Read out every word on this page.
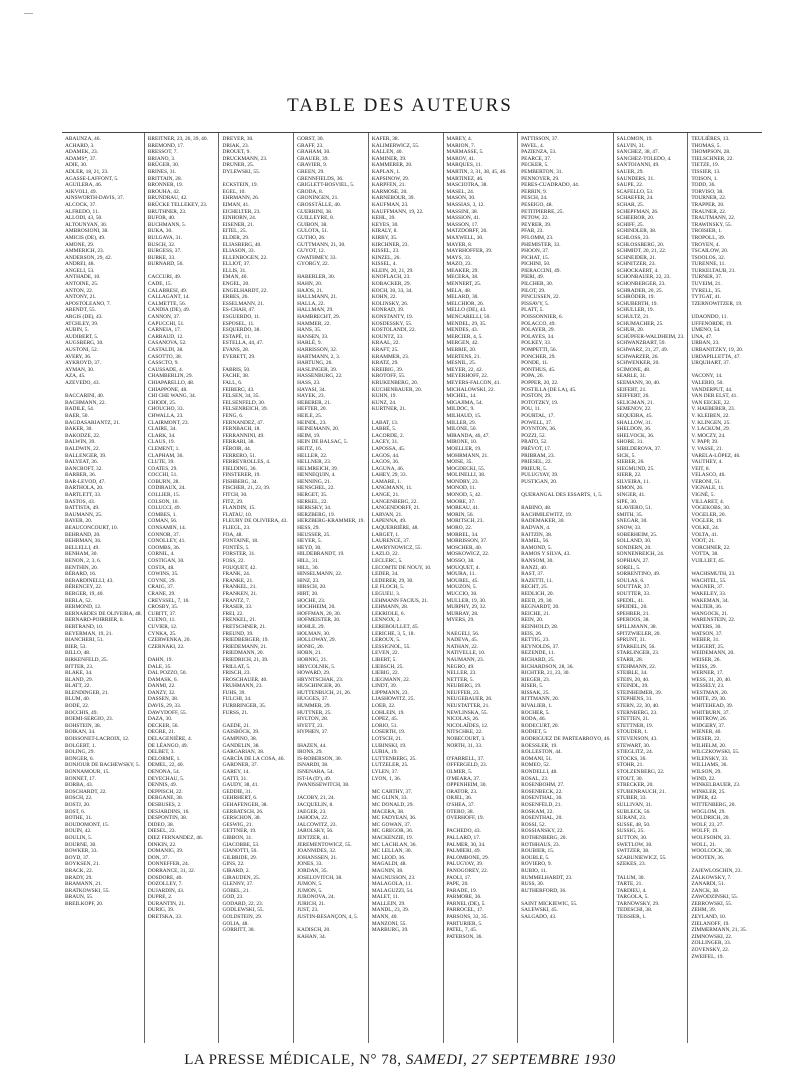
—
TABLE DES AUTEURS
ABAUNZA, 46.
ACHARD, 3.
ADAMEK, 23.
ADAMS*, 37.
ADIE, 30.
ADLER, 18, 21, 23.
AGASSE-LAFFONT, 5.
AGUILERA, 46.
AIKVOLI, 49.
AINSWORTH-DAVIS, 37.
ALCOCK, 37.
ALFREDO, 11.
ALLODI, 43, 50.
ALTOUNYAN, 30.
AMBROSIONI, 38.
AMICIS (DE), 49.
AMONE, 29.
AMMERICH, 23.
ANDERSON, 29, 42.
ANDREI, 48.
ANGELI, 53.
ANTHADE, 10.
ANTOINE, 25.
ANTON, 22.
ANTONY, 21.
APOSTOLEANO, 7.
ARENDT, 55.
ARGIS (DE), 43.
ATCHLEY, 39.
AUBIN, 5.
AUDIBERT, 5.
AUGSBERG, 30.
AUSTONI, 52.
AVERY, 36.
AYKROYD, 37.
AYMAN, 30.
AZA, 45.
AZEVEDO, 43.

BACCARINI, 40.
BACHMANN, 22.
BADILE, 54.
BAER, 50.
BAGDASARIANTZ, 21.
BAKER, 30.
BAKODZE, 22.
BALWIN, 39.
BALDWIN, 22.
BALLENGER, 39.
BALYEAT, 36.
BANCROFT, 32.
BARBER, 36.
BAR-LEVOD, 47.
BARTHOLA, 20.
BARTLETT, 33.
BASTOS, 43.
BATTISTA, 49.
BAUMANN, 25.
BAYER, 20.
BEAUCONCOURT, 10.
BEHRAND, 20.
BEHRMAN, 36.
BELLELLI, 49.
BENHAM, 30.
BENON, 2, 3, 6.
BENTHIN, 20.
BÉRARD, 16.
BERARDINELLI, 43.
BÉRENCEY, 22.
BERGER, 19, 40.
BERLA, 52.
BERMOND, 12.
BERNARDES DE OLIVEIRA, 48.
BERNARD-POIRRIER, 6.
BERTRAND, 10.
BEYERMAN, 19, 21.
BIANCHERI, 51.
BIER, 53.
BILLO, 48.
BIRKENFELD, 25.
BITTER, 23.
BLAKE, 34.
BLAND, 29.
BLATT, 22.
BLENDINGER, 21.
BLUM, 40.
BODE, 22.
BOCCHIS, 49.
BOEMI-SERGIO, 23.
BOHSTEIN, 38.
BOIKAN, 34.
BOISSONET-LACROIX, 12.
BOLGERT, 1.
BOLING, 29.
BONGER, 6.
BONJOUR DE BACHEWSKY, 5.
BONNAMOUR, 15.
BONNET, 17.
BORBA, 43.
BOSCHARDT, 22.
BOSCH, 22.
BOSTJ, 20.
BOST, 6.
BOTHE, 31.
BOUDOMONT, 15.
BOUIN, 42.
BOULIN, 5.
BOURNE, 30.
BOWKER, 33.
BOYD, 37.
BOYKSEN, 21.
BRACK, 22.
BRADY, 29.
BRAMANN, 21.
BRATKOWSKI, 55.
BRAUN, 55.
BREILKOPF, 20.
BREITNER, 23, 26, 39, 40.
BREMOND, 17.
BRESSOT, 7.
BRIANO, 3.
BRÜGER, 30.
BRINES, 31.
BRITTAIN, 28.
BRONNER, 19.
BROUHA, 42.
BRUNDRAU, 42.
BRÜCKE TELLEKEY, 23.
BRUTHNER, 23.
BUFOR, 40.
BUCHMANN, 5.
BUKA, 30.
BULGAVA, 31.
BUSCH, 32.
BURGESS, 37.
BURKE, 33.
BURNARD, 56.

CACCURI, 49.
CADE, 15.
CALABRESI, 49.
CALLAGANT, 14.
CALMETTE, 56.
CANDIA (DE), 49.
CANNON, 37.
CAPUCCHI, 51.
CARNEIA, 17.
CARRAUD, 12.
CASANOVA, 52.
CASTALDI, 38.
CASOTTO, 38.
CASSCTO, 9.
CAUSSADE, 4.
CHAMBERLIN, 29.
CHIAPARELLO, 48.
CHIAPPONE, 48.
CHI CHE WANG, 34.
CHIODI, 25.
CHOUCHO, 33.
CHWALLA, 23.
CLAIRMONT, 23.
CLAIRE, 34.
CLARK, 34.
CLAUS, 19.
CLEMENT, 1.
CLAPHAM, 36.
CLUTE, 39.
COATES, 29.
COCCHI, 51.
COBURN, 28.
CODIRAUX, 24.
COLLIER, 15.
COLSON, 10.
COLUCCI, 49.
COMBES, 1.
COMAN, 56.
CONSAMIN, 14.
CONNOR, 37.
CONOLLEY, 41.
COOMBS, 36.
CORNIL, 4.
COSTIGAN, 30.
COSTA, 48.
COWINS, 35.
COYNE, 29.
CRAIG, 37.
CRANE, 29.
CREYSSEL, 7, 16.
CROSBY, 35.
CUBITT, 37.
CUENO, 11.
CUVIER, 12.
CYNKA, 25.
CZERWENKA, 20.
CZERNAKI, 22.

DAHN, 19.
DALE, 35.
DAL POZZO, 50.
DAMASK, 6.
DANMI, 22.
DANZY, 32.
DASSEN, 38.
DAVIS, 29, 33.
DAWYDOFF, 55.
DAZA, 30.
DECKER, 56.
DEGRE, 21.
DELAGENIÈRE, 4.
DE LÉANGO, 49.
DELBET, 3.
DELORME, 1.
DEMEL, 22, 40.
DENONA, 54.
DEVECHAU, 5.
DENNIS, 49.
DEPPISCH, 22.
DERGANE, 38.
DESBUSES, 2.
DESJARDINS, 16.
DESPONTIN, 38.
DIDEO, 38.
DIESEL, 23.
DIEZ FERNANDEZ, 46.
DINKIN, 22.
DOMANIG, 39.
DON, 37.
DONNEFFER, 24.
DORRANCE, 31, 32.
DOSDORE, 40.
DOZOLLEY, 7.
DUJARDIN, 43.
DUPRE, 2.
DURANTIN, 21.
DURIG, 39.
DRETSKA, 33.
DREYER, 30.
DRIAK, 23.
DROUET, 9.
DRUCKMANN, 23.
DRUNER, 25.
DYLEWSKI, 55.

ECKSTEIN, 19.
EGEL, 10.
EHRMANN, 26.
EIMAN, 41.
EICHELTER, 23.
EINHORN, 24.
EISENER, 21.
EITEL, 25.
ELDER, 29.
ELIASBERG, 40.
ELIASON, 33.
ELLENBOGEN, 22.
ELLIOT, 37.
ELLIS, 31.
EMAN, 40.
ENGEL, 20.
ENGELHARDT, 22.
ERBES, 26.
ESSELMANN, 21.
ES-CHAH, 47.
ESGUERDO, 11.
ESPOSEL, 11.
ESQUERDO, 38.
ESTAPÉ, 11.
ESTELLA, 44, 47.
EVANS, 28.
EVERETT, 29.

FABRIS, 50.
FACHE, 38.
FALL, 6.
FEIBERG, 43.
FELSEN, 34, 35.
FELSENFELD, 30.
FELSENREICH, 39.
FENG, 6.
FERNANDEZ, 47.
FERNBACH, 18.
FERRANNINI, 49.
FERRARI, 38.
FÉROIR, 44.
FERRERO, 51.
FERREYROLLES, 4.
FIELDING, 36.
FINSTERER, 19.
FISHBERG, 34.
FISCHER, 21, 23, 39.
FITCH, 30.
FITZ, 29.
FLANDIN, 15.
FLATAU, 10.
FLEURY DE OLIVIERA, 43.
FLIEGL, 23.
FOA, 48.
FONTAINE, 18.
FONTÈS, 5.
FORSTER, 31.
FOSS, 22.
FOUQUET, 42.
FRANK, 24.
FRANKE, 21.
FRANKEL, 21.
FRANKEN, 21.
FRANTZ, 7.
FRASER, 33.
FREI, 22.
FRENKEL, 21.
FRETSCHNER, 21.
FREUND, 39.
FRIEDBERGER, 19.
FRIEDEMANN, 21.
FRIEDMANN, 20.
FRIEDRICH, 21, 39.
FRILLAT, 5.
FRISCH, 23.
FROSCHAUER, 40.
FRUHMANN, 23.
FUHS, 39.
FULCHI, 34.
FURBRINGER, 35.
FURSS, 21.

GAEDE, 21.
GAISBÖCK, 39.
GAMPINO, 38.
GANDELIN, 38.
GARGARIAN, 38.
GARCÍA DE LA COSA, 46.
GARDNER, 37.
GAREY, 14.
GATTI, 31.
GAUDY, 38, 41.
GEDDIE, 31.
GEHRHERT, 6.
GEHAFENGER, 38.
GERBATSCH, 26.
GERSCHON, 38.
GESWIG, 21.
GETTNER, 19.
GIBBON, 31.
GIACOBBE, 53.
GIANOTTI, 50.
GILBRIDE, 29.
GINS, 22.
GIRARD, 2.
GIRAUDEN, 25.
GLENNY, 37.
GOBEL, 21.
GOD, 23.
GODARD, 22, 23.
GODLEWSKI, 55.
GOLDSTEIN, 29.
GOLIA, 48.
GORRITT, 38.
GORST, 30.
GRAFF, 23.
GRAHAM, 30.
GRAUER, 39.
GRAVIER, 9.
GREEN, 29.
GRENNFIELDS, 36.
GRIGLETT-BOSVIEL, 5.
GRODA, 8.
GRONINGEN, 21.
GROSSTÄLLE, 40.
GUERRINI, 38.
GUILLEYRE, 8.
GUIBON, 38.
GULOTA, 51.
GUTHO, 26.
GUTTMANN, 21, 30.
GUYOT, 12.
GWATHMEY, 33.
GYORGY, 22.

HABERLER, 30.
HAHN, 20.
HAJOS, 21.
HALLMANN, 21.
HALLA, 22.
HALLMAN, 29.
HAMBRECHT, 29.
HAMMER, 22.
HANS, 35.
HANSEN, 33.
HARLÉ, 9.
HARRISSON, 32.
HARTMANN, 2, 3.
HARTUNG, 26.
HASLINGER, 39.
HASSENBURG, 22.
HASS, 23.
HAYASI, 34.
HAYEK, 23.
HEBERER, 21.
HEFTER, 20.
HEILE, 25.
HEINDL, 23.
HEINEMANN, 20.
HEIM, 19.
HEIN DE BALSAC, 5.
HEITZ, 16.
HELLER, 22.
HELLNER, 23.
HELMREICH, 39.
HENNEQUIN, 4.
HENNING, 21.
HENSCHEL, 22.
HERGET, 35.
HERKEL, 22.
HERKSKY, 34.
HERZBERG, 19.
HERZBERG-KRAMMER, 19.
HESS, 29.
HEUSSER, 25.
HEYER, 5.
HEYD, 30.
HILDEBRANDT, 19.
HILL, 31.
HILL, 30.
HINSELMANN, 22.
HINZ, 23.
HIRSCH, 20.
HIRT, 20.
HOCHE, 23.
HOCHHEIM, 20.
HOFFMAN, 20, 30.
HOFMEISTER, 20.
HOHLE, 29.
HOLMAN, 30.
HOLLOWAY, 29.
HONIG, 20.
HORN, 21.
HORNIG, 21.
HRYCOLNIK, 5.
HOWARD, 29.
HRYNTSCHAK, 23.
HUSCHINGER, 20.
HUTTENBUCH, 21, 26.
HUGGES, 37.
HUMMER, 29.
HUTTNER, 25.
HYLTON, 28.
HYETT, 23.
HYPHEN, 37.

IHAZEN, 44.
IRONS, 29.
IS-ROBERSON, 30.
ISNARDI, 38.
ISNENARA, 54.
IST-IA (D'), 49.
IWANISSEWITCH, 38.

JACOBY, 21, 24.
JACQUELIN, 8.
JAEGER, 23.
JAHODA, 22.
JALCOWITZ, 23.
JAROLSKY, 56.
JENTZER, 41.
JEREMENTOWICZ, 55.
JOANNIDES, 32.
JOHANSSEN, 21.
JONES, 33.
JORDAN, 35.
JOSELOVITCH, 38.
JUMON, 5.
JUMON, 5.
JURONOVA, 24.
JURICH, 21.
JUST, 23.
JUSTIN-BESANÇON, 4, 5.

KADISCH, 20.
KAHAN, 34.
KAFER, 38.
KALIMERWICZ, 55.
KALLEN, 40.
KAMINER, 39.
KAMMERER, 20.
KAPLAN, 1.
KAPSINOW, 29.
KARPFEN, 21.
KARMOSE, 20.
KARNEBOUR, 39.
KAUFMAN, 23.
KAUFFMANN, 19, 22.
KEHL, 39.
KEYES, 30.
KIRALY, 8.
KIRBY, 35.
KIRCHNER, 23.
KISSEL, 23.
KINZEL, 26.
KISSEL, 4.
KLEIN, 20, 21, 29.
KNOFLACH, 23.
KOBACKER, 29.
KOCH, 30, 33, 34.
KOHN, 22.
KOLINSKY, 26.
KONRAD, 39.
KONSTANTY, 19.
KOSDESSKY, 55.
KOSTOLANDI, 22.
KOUNTZ, 33.
KRAAL, 22.
KRAFT, 25.
KRAMMER, 23.
KRATZ, 29.
KREIBIG, 39.
KROTOFF, 55.
KRUKENBERG, 20.
KUCHENBAUER, 20.
KUHN, 19.
KUNZ, 24.
KURTNER, 21.

LABAT, 13.
LABBÉ, 5.
LACORDE, 2.
LACEY, 31.
LAPOSSA, 45.
LAGOS, 44.
LAGOS, 36.
LAGUNA, 46.
LAHEY, 29, 33.
LAMARE, 1.
LANGMANN, 11.
LANGE, 21.
LANGENBERG, 22.
LANGENDORFF, 21.
LARVAN, 21.
LAPENNA, 49.
LAQUERRIÈRE, 48.
LARGET, 1.
LAURENCE, 37.
LAWRYNOWICZ, 55.
LAZLO, 22.
LECLERC, 5.
LECOMTE DE NOUY, 10.
LEDER, 34.
LEDERER, 29, 30.
LE FLOCH, 5.
LEGUEU, 3.
LEHMANN FACIUS, 21.
LEHMANN, 28.
LEKRIOLE, 6.
LENNOX, 2.
LEREBOULLET, 45.
LERICHE, 3, 5, 18.
LEROUX, 5.
LESSIGNOL, 55.
LEVEN, 22.
LIBERT, 5.
LIEBSCH, 25.
LIEBIG, 22.
LIEGMANN, 22.
LINDT, 39.
LIPPMANN, 23.
LJASHOWITZ, 25.
LOEB, 22.
LOHLEIN, 19.
LOPEZ, 45.
LORIO, 51.
LOSERTH, 19.
LOTSCH, 21.
LUBINSKI, 19.
LURIA, 19.
LUTTENBERG, 25.
LUTZELER, 25.
LYLEN, 37.
LYON, 1, 36.

MC CARTHY, 37.
MC GLINN, 33.
MC DONALD, 29.
MACERA, 38.
MC FADYEAN, 36.
MC GOWAN, 37.
MC GREGOR, 36.
MACKENZIE, 19.
MC LACHLAN, 36.
MC LELLAN, 30.
MC LEOD, 36.
MAGALDI, 48.
MAGNIN, 38.
MAGNUSSON, 23.
MALAGOLA, 11.
MALAGUZZI, 54.
MALET, 11.
MALLEIN, 29.
MANDL, 23, 39.
MANN, 40.
MANZONI, 55.
MARBURG, 39.
MAREY, 4.
MARION, 7.
MARMASSE, 5.
MAROV, 41.
MARQUES, 11.
MARTIN, 3, 31, 38, 45, 46.
MARTINEZ, 46.
MASCIOTRA, 38.
MASEL, 24.
MASON, 30.
MASSIAS, 3, 12.
MASSINI, 38.
MASSION, 41.
MASSON, 17.
MATZDORFF, 26.
MAXWELL, 30.
MAYER, 8.
MAYRHOFFER, 39.
MAYS, 33.
MAZO, 23.
MEAKER, 29.
MECERA, 38.
MENNERT, 25.
MELA, 48.
MELARD, 30.
MELCHIOR, 26.
MELLO (DE), 43.
MENCARELLI, 50.
MENDEL, 29, 35.
MENDES, 43.
MERCIER, 4, 5.
MERGEN, 42.
MERRIE, 20.
MERTENS, 21.
MESNIL, 25.
MEYER, 22, 42.
MEYERHOFF, 22.
MEYERS-FALCON, 41.
MICHALOWSKI, 22.
MICHEL, 14.
MIGAJIMA, 54.
MILDOC, 9.
MILHAUD, 15.
MILLER, 29.
MILONE, 50.
MIRANDA, 46, 47.
MIRONE, 10.
MOELLER, 19.
MOHRMANN, 21.
MOISE, 35.
MOGDECKI, 55.
MOLINELLI, 38.
MONDRY, 23.
MONOD, 11.
MONOD, 5, 42.
MOORE, 37.
MOREAU, 41.
MORIN, 56.
MORITSCH, 23.
MORO, 22.
MORREL, 34.
MORRISSON, 37.
MOSCHER, 40.
MOSKOWICZ, 22.
MOSSO, 38.
MOUQUET, 4.
MOURA, 11.
MOUREL, 45.
MOUZON, 5.
MUCCIO, 30.
MULLER, 19, 30.
MURPHY, 29, 32.
MURRAY, 28.
MYERS, 29.

NAEGELI, 56.
NADEVA, 45.
NATHAN, 22.
NATIVELLE, 10.
NAUMANN, 23.
NEGRO, 49.
NELLER, 23.
NETTER, 5.
NEUBERG, 19.
NEUFFER, 23.
NEUGEBAUER, 26.
NEUSTATTER, 21.
NEWLINSKA, 55.
NICOLAS, 26.
NICOLAÏDES, 12.
NITSCHKE, 22.
NOBECOURT, 3.
NORTH, 31, 33.

O'FARRELL, 37.
OFFERGELD, 23.
OLMER, 5.
O'MEARA, 37.
OPPENHEIM, 30.
ORATOR, 23.
ORJEL, 36.
O'SHEA, 37.
OTERO, 38.
OVERHOFF, 19.

PACHEDO, 43.
PALLARD, 17.
PALMER, 30, 34.
PALMIERI, 49.
PALOMBONE, 29.
PALUGYAY, 39.
PANOGOREY, 22.
PAOLI, 17.
PAPE, 20.
PARADE, 19.
PARMORE, 36.
PARNEL (DE), 5.
PARROCEL, 17.
PARSONS, 33, 35.
PARTURIER, 5.
PATEL, 7, 45.
PATERSON, 36.
PATTISSON, 37.
PAVEL, 4.
PAZIENZA, 53.
PEARCE, 37.
PECKER, 5.
PEMBERTON, 31.
PENNOYER, 29.
PERES-CUADRADO, 44.
PERRIN, 9.
PESCH, 24.
PESEIGO, 48.
PETITPIERRE, 25.
PETOW, 22.
PEYRER, 39.
PFAB, 23.
PFLOMM, 23.
PHEMISTER, 33.
PHOON, 37.
PICHAT, 15.
PICHINI, 50.
PIERACCINI, 49.
PIERI, 49.
PILCHER, 30.
PILOT, 29.
PINCUSSEN, 22.
PISSAVY, 5.
PLATT, 5.
POISSONNIER, 6.
POLACCO, 49.
POLAYER, 29.
POLAYES, 34.
POLKEY, 33.
POMPETTI, 56.
PONCHER, 29.
PONDE, 11.
PONTHUS, 45.
POPA, 26.
POPPER, 20, 22.
POSTILLA (DE LA), 45.
POSTON, 29.
POTOTZKY, 19.
POU, 11.
POURTAL, 17.
POWELL, 37.
POYNTON, 36.
POZZI, 52.
PRATO, 52.
PRÉVOT, 17.
PRIBRAM, 23.
PRIESEL, 22.
PRIEUR, 5.
PULUGYAY, 39.
PUSTIGAN, 20.

QUERANGAL DES ESSARTS, 1, 5.

RABINO, 48.
RACHMILEWITZ, 19.
RADEMAKER, 30.
RADVAN, 4.
RAITZIN, 38.
RAMEL, 56.
RAMOND, 5.
RAMOS Y SILVA, 43.
RANSOM, 30.
RANZI, 40.
RAST, 37.
RAZETTI, 11.
RECHT, 25.
REDLICH, 20.
REED, 29, 30.
REGNARDT, 20.
REICHE, 21.
REIN, 20.
REINHOLD, 28.
REIS, 26.
RETTIG, 23.
REYNOLDS, 37.
REZENDE, 11.
RICHARD, 25.
RICHARDSON, 28, 36.
RICHTER, 21, 23, 30.
RIEGER, 23.
RISER, 5.
RISSAK, 25.
RITTMANN, 20.
RIVALIER, 1.
ROCHER, 5.
RODA, 46.
RODECURT, 20.
RODIET, 5.
RODRIGUEZ DE PARTEARROYO, 46.
ROESSLER, 19.
ROLLESTON, 44.
ROMANI, 51.
ROMEO, 52.
RONDELLI, 48.
ROSAL, 23.
ROSENBOHM, 27.
ROSENBECK, 22.
ROSENTHAL, 30.
ROSENFELD, 21.
ROSKAM, 22.
ROSENTHAL, 20.
ROSSI, 52.
ROSSIANSKY, 22.
ROTHENBERG, 20.
ROTHHAUS, 23.
ROUBIER, 15.
ROUBLE, 5.
ROVIERO, 9.
RUBIO, 11.
RUMMELHARDT, 23.
RUSS, 30.
RUTHERFORD, 36.

SAINT MICKIEWIC, 55.
SALEWSKI, 45.
SALGADO, 43.
SALOMON, 19.
SALVIN, 31.
SANCHEZ, 38, 47.
SANCHEZ-TOLEDO, 4.
SANTOJANNI, 49.
SAUER, 29.
SAUNDERS, 31.
SAUPE, 22.
SCAFELLO, 53.
SCHAEFER, 24.
SCHAR, 25.
SCHEPFMAN, 26.
SCHEEROR, 20.
SCHIFF, 25.
SCHINDLER, 38.
SCHLOSS, 23.
SCHLOSSBERG, 20.
SCHMIDT, 20, 21, 22.
SCHNEIDER, 21.
SCHNITZER, 23.
SCHOCKAERT, 4.
SCHONBAUER, 22, 23.
SCHONBERGER, 23.
SCHRADER, 20, 25.
SCHRÖDER, 19.
SCHUBERTH, 19.
SCHULLER, 19.
SCHULTZ, 21.
SCHUMACHER, 25.
SCHUR, 20.
SCHÜPFER-WALDHEIM, 23.
SCHWANZBART, 59.
SCHWARZ, 21, 27, 49.
SCHWARZER, 26.
SCHWENKER, 20.
SCIMONE, 48.
SEARLE, 31.
SEEMANN, 30, 40.
SEIFERT, 21.
SEIFFERT, 26.
SELIGMAN, 21.
SEMENOV, 22.
SEQUEIRA, 45.
SHALLOW, 31.
SHELDON, 36.
SHELVOCK, 36.
SHORE, 31.
SIBILDEROVA, 37.
SICK, 5.
SIEBER, 26.
SIEGMUND, 25.
SIERR, 22.
SILVEIRA, 11.
SIMON, 26.
SINGER, 41.
SIPE, 30.
SLAVIERO, 51.
SMITH, 35.
SNEGAR, 30.
SNOW, 33.
SOBERHEIM, 25.
SOLLAND, 30.
SONDERN, 20.
SONNENREICH, 24.
SOPHIAN, 27.
SOREL, 5.
SORRENTINO, 49.
SOULAS, 6.
SOUTTAR, 37.
SOUTTER, 33.
SPEDIL, 41.
SPEIDEL, 20.
SPEHRER, 21.
SPEROOS, 38.
SPILLMANN, 38.
SPITZWIELER, 20.
SPRUNT, 31.
STARKELIN, 56.
STARLINGER, 23.
STARR, 28.
STEHMANN, 22.
STEIBLE, 34.
STEIN, 20, 40.
STEINDL, 39.
STEINHEIMER, 39.
STEPHENS, 31.
STERN, 22, 30, 40.
STERNBERG, 23.
STETTEN, 21.
STETTNER, 19.
STOUDER, 1.
STEVENSON, 43.
STEWART, 30.
STIEGLITZ, 24.
STOCKS, 36.
STOHR, 21.
STOLZENBERG, 22.
STOUT, 30.
STRECKER, 20.
STUBENRAUCH, 21.
STUBER, 33.
SULLIVAN, 31.
SUBLECK, 56.
SURANI, 23.
SUSSE, 48, 50.
SUSSIG, 25.
SUTTON, 30.
SWETLOW, 30.
SWITZER, 38.
SZABUNIEWICZ, 55.
SZEKES, 23.

TALUM, 30.
TARTE, 21.
TARDIEU, 4.
TARGOLA, 5.
TARNOWSKY, 29.
TEDESCHI, 38.
TEISSIER, 1.
TEULIÈRES, 13.
THOMAS, 5.
THOMPSON, 28.
TIELSCHNER, 22.
TIETZE, 19.
TISSIER, 13.
TOISON, 1.
TODD, 36.
TORVISO, 38.
TOURNER, 22.
TRAPPER, 20.
TRAUNER, 22.
TRAUTMANN, 22.
TRAWINSKY, 55.
TROISIER, 1.
TROPOLL, 39.
TROYEN, 4.
TSCAILOW, 20.
TSOOLOS, 32.
TURENNE, 11.
TURKELTAUB, 21.
TURNER, 37.
TUVEIM, 21.
TYRELL, 35.
TYTGAT, 41.
TZERNOWITZER, 19.

UDAONDO, 11.
UFFENORDE, 19.
UMENO, 54.
UNA, 47.
URBAN, 23.
URBANITZKY, 19, 20.
URDAPILLETTA, 47.
URQUHART, 37.

VACONY, 14.
VALERIO, 50.
VANDERPUT, 44.
VAN DER ELST, 41.
VAN EECKE, 22.
V. HAEBERER, 23.
V. KLEIBEN, 22.
V. KLINGEN, 25.
V. LACKUM, 29.
V. MOCZY, 24.
V. PAPP, 39.
V. VASSE, 21.
VARELA-LÓPEZ, 46.
VAUTHEY, 4.
VEIT, 8.
VELASCO, 46.
VERONI, 51.
VIGNALE, 11.
VIGNÉ, 5.
VILLARET, 4.
VOGEKOBS, 30.
VOGELER, 20.
VOGLER, 19.
VOLKE, 24.
VOLTA, 41.
VOOT, 21.
VORCHNER, 22.
VOTTA, 38.
VUILLIET, 45.

WACHSMUTH, 23.
WACHTEL, 55.
WAGNER, 37.
WAKELEY, 33.
WAKEMAN, 34.
WALTER, 36.
WANGOCK, 21.
WARENSTEIN, 22.
WATERS, 30.
WATSON, 37.
WEBER, 31.
WEIGERT, 25.
WEIDEMANN, 20.
WEISER, 26.
WEISS, 29.
WERNER, 17.
WESS, 31, 20, 40.
WESSELY, 23.
WESTMAN, 20.
WHITE, 29, 30.
WHITEHEAD, 39.
WHITBURN, 37.
WHITROW, 26.
WIDGERY, 37.
WIENER, 40.
WIESER, 22.
WILHELM, 20.
WILCZKOWSKI, 55.
WILENSKY, 33.
WILLIAMS, 36.
WILSON, 29.
WIND, 22.
WINKELBAUER, 23.
WINKLER, 25.
WIPER, 42.
WITTENBERG, 20.
WOGLOM, 29.
WOLDRICH, 20.
WOLF, 23, 27.
WOLFF, 19.
WOLFSOHN, 23.
WOLL, 21.
WOOLCOCK, 30.
WOOTEN, 36.

ZAJEWLOSCHIN, 23.
ZALKOWSKY, 7.
ZANARDI, 51.
ZANCK, 38.
ZAWODZINSKI, 55.
ZEBROWSKI, 55.
ZEHM, 39.
ZEYLAND, 10.
ZIELANOFF, 19.
ZIMMERMANN, 21, 35.
ZIMNOWSKI, 22.
ZOLLINGER, 33.
ZOVENSKY, 22.
ZWEIFEL, 19.
LA PRESSE MÉDICALE, N° 78, SAMEDI, 27 SEPTEMBRE 1930
